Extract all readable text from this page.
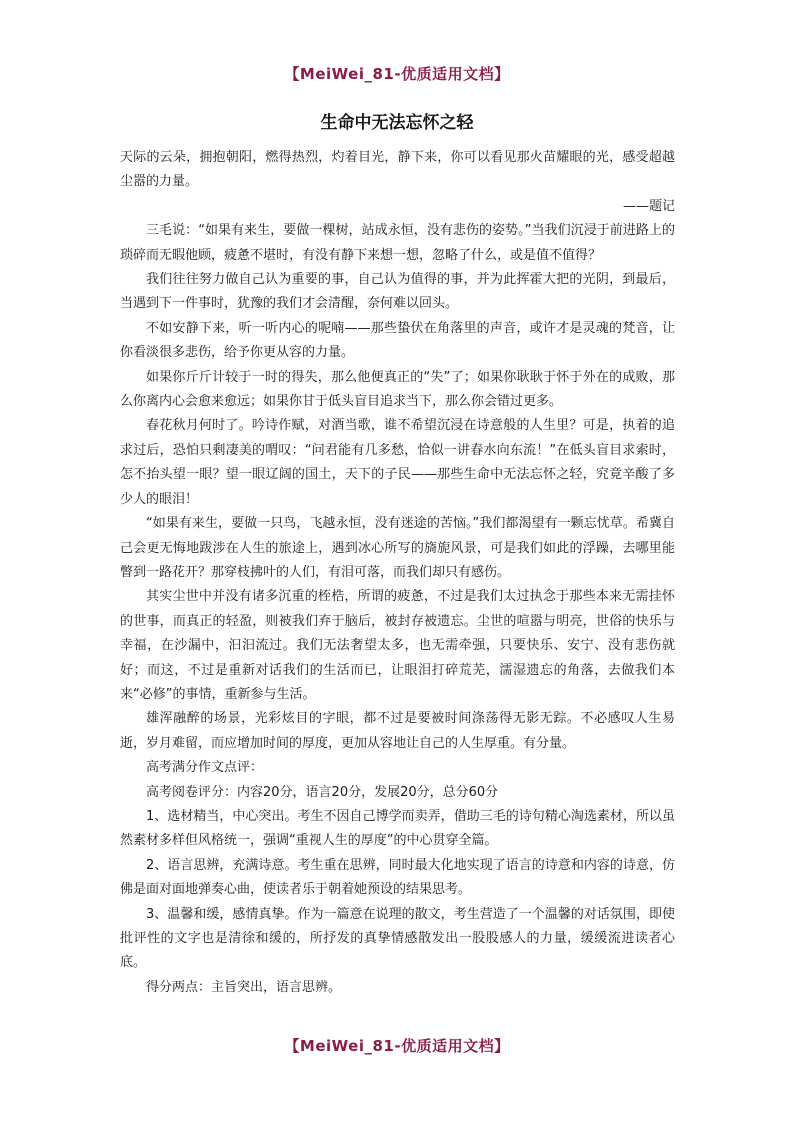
【MeiWei_81-优质适用文档】
生命中无法忘怀之轻

天际的云朵，拥抱朝阳，燃得热烈，灼着目光，静下来，你可以看见那火苗耀眼的光，感受超越尘嚣的力量。

——题记

三毛说：“如果有来生，要做一棵树，站成永恒，没有悲伤的姿势。”当我们沉浸于前进路上的琐碎而无暇他顾，疲惫不堪时，有没有静下来想一想，忽略了什么，或是值不值得？

我们往往努力做自己认为重要的事，自己认为值得的事，并为此挥霍大把的光阴，到最后，当遇到下一件事时，犹豫的我们才会清醒，奈何难以回头。

不如安静下来，听一听内心的呢喃——那些蛰伏在角落里的声音，或许才是灵魂的梵音，让你看淡很多悲伤，给予你更从容的力量。

如果你斤斤计较于一时的得失，那么他便真正的“失”了；如果你耿耿于怀于外在的成败，那么你离内心会愈来愈远；如果你甘于低头盲目追求当下，那么你会错过更多。

春花秋月何时了。吟诗作赋，对酒当歌，谁不希望沉浸在诗意般的人生里？可是，执着的追求过后，恐怕只剩凄美的喟叹：“问君能有几多愁，恰似一讲春水向东流！”在低头盲目求索时，怎不抬头望一眼？望一眼辽阔的国土，天下的子民——那些生命中无法忘怀之轻，究竟辛酸了多少人的眼泪！

“如果有来生，要做一只鸟，飞越永恒，没有迷途的苦恼。”我们都渴望有一颗忘忧草。希冀自己会更无悔地跋涉在人生的旅途上，遇到冰心所写的旖旎风景，可是我们如此的浮躁，去哪里能瞥到一路花开？那穿枝拂叶的人们，有泪可落，而我们却只有感伤。

其实尘世中并没有诸多沉重的桎梏，所谓的疲惫，不过是我们太过执念于那些本来无需挂怀的世事，而真正的轻盈，则被我们弃于脑后，被封存被遗忘。尘世的喧嚣与明亮，世俗的快乐与幸福，在沙漏中，汩汩流过。我们无法奢望太多，也无需牵强，只要快乐、安宁、没有悲伤就好；而这，不过是重新对话我们的生活而已，让眼泪打碎荒芜，濡湿遗忘的角落，去做我们本来“必修”的事情，重新参与生活。

雄浑融醉的场景，光彩炫目的字眼，都不过是要被时间涤荡得无影无踪。不必感叹人生易逝，岁月难留，而应增加时间的厚度，更加从容地让自己的人生厚重。有分量。

高考满分作文点评：

高考阅卷评分：内容20分，语言20分，发展20分，总分60分

1、选材精当，中心突出。考生不因自己博学而卖弄，借助三毛的诗句精心淘选素材，所以虽然素材多样但风格统一，强调“重视人生的厚度”的中心贯穿全篇。

2、语言思辨，充满诗意。考生重在思辨，同时最大化地实现了语言的诗意和内容的诗意，仿佛是面对面地弹奏心曲，使读者乐于朝着她预设的结果思考。

3、温馨和缓，感情真挚。作为一篇意在说理的散文，考生营造了一个温馨的对话氛围，即使批评性的文字也是清徐和缓的，所抒发的真挚情感散发出一股股感人的力量，缓缓流进读者心底。

得分两点：主旨突出，语言思辨。

【MeiWei_81-优质适用文档】
